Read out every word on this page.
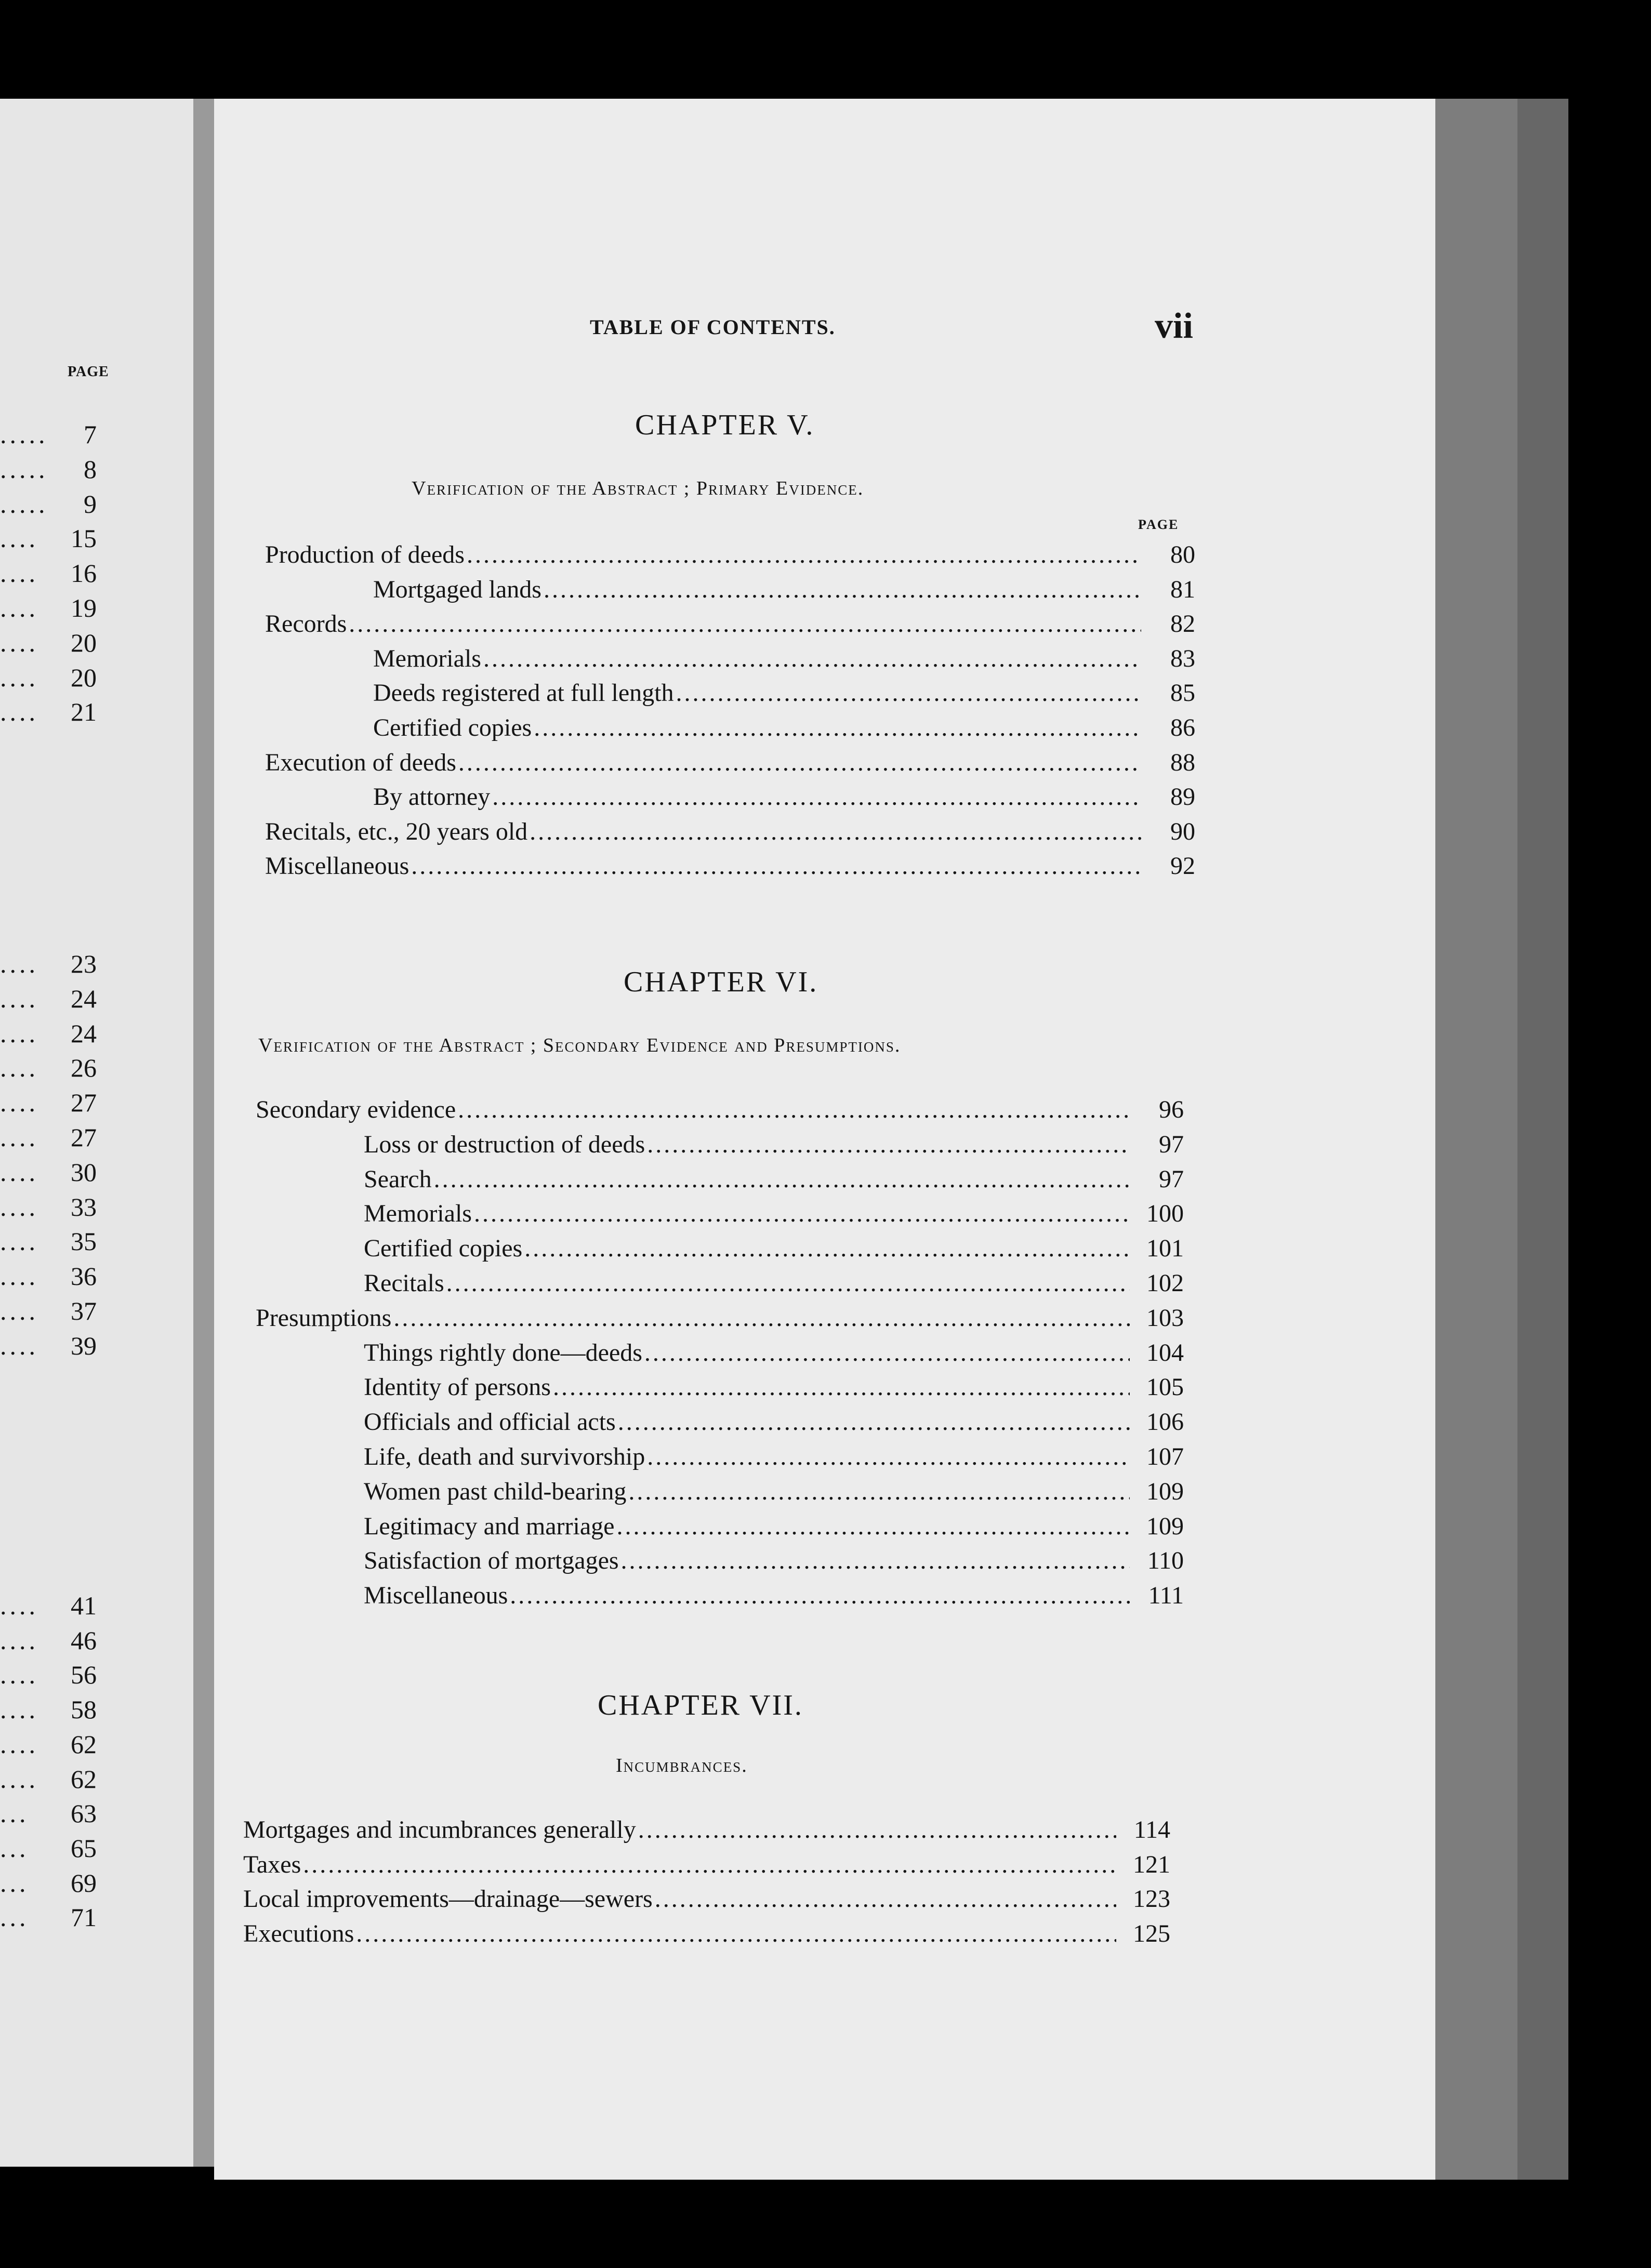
PAGE
..... 7
..... 8
..... 9
.... 15
.... 16
.... 19
.... 20
.... 20
.... 21
.... 23
.... 24
.... 24
.... 26
.... 27
.... 27
.... 30
.... 33
.... 35
.... 36
.... 37
.... 39
.... 41
.... 46
.... 56
.... 58
.... 62
.... 62
... 63
... 65
... 69
... 71
TABLE OF CONTENTS.	vii
CHAPTER V.
Verification of the Abstract ; Primary Evidence.
PAGE
Production of deeds .....	80
Mortgaged lands .....	81
Records .....	82
Memorials .....	83
Deeds registered at full length .....	85
Certified copies .....	86
Execution of deeds .....	88
By attorney .....	89
Recitals, etc., 20 years old .....	90
Miscellaneous .....	92
CHAPTER VI.
Verification of the Abstract ; Secondary Evidence and Presumptions.
Secondary evidence .....	96
Loss or destruction of deeds .....	97
Search .....	97
Memorials .....	100
Certified copies .....	101
Recitals .....	102
Presumptions .....	103
Things rightly done—deeds .....	104
Identity of persons .....	105
Officials and official acts .....	106
Life, death and survivorship .....	107
Women past child-bearing .....	109
Legitimacy and marriage .....	109
Satisfaction of mortgages .....	110
Miscellaneous .....	111
CHAPTER VII.
Incumbrances.
Mortgages and incumbrances generally .....	114
Taxes .....	121
Local improvements—drainage—sewers .....	123
Executions .....	125
